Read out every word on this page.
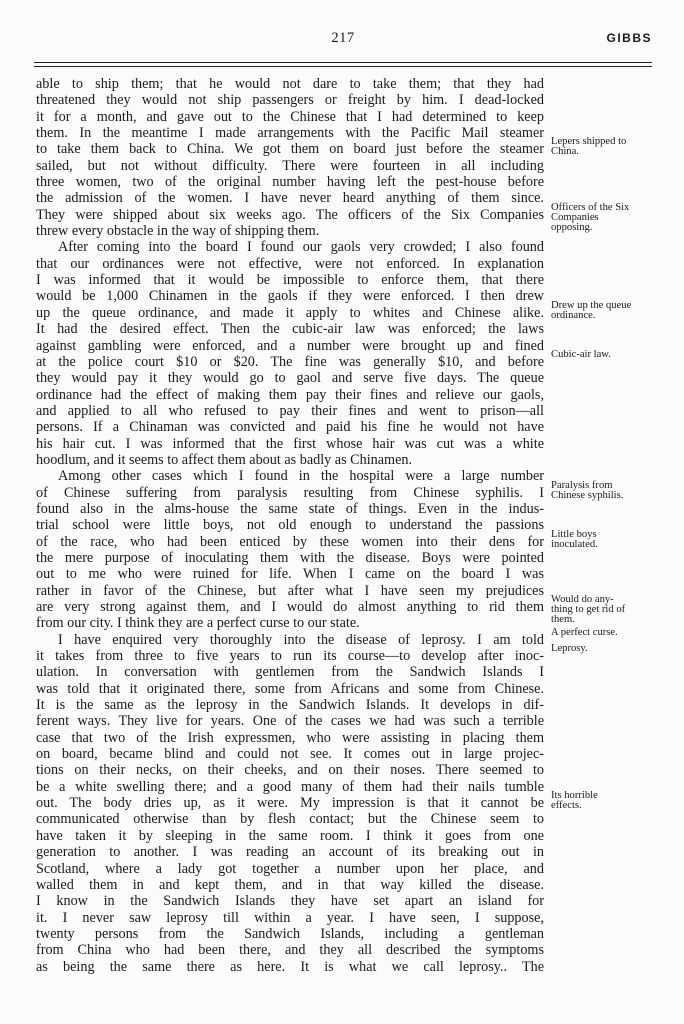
217	GIBBS
able to ship them; that he would not dare to take them; that they had
threatened they would not ship passengers or freight by him. I dead-locked
it for a month, and gave out to the Chinese that I had determined to keep
them. In the meantime I made arrangements with the Pacific Mail steamer
to take them back to China. We got them on board just before the steamer
sailed, but not without difficulty. There were fourteen in all including
three women, two of the original number having left the pest-house before
the admission of the women. I have never heard anything of them since.
They were shipped about six weeks ago. The officers of the Six Companies
threw every obstacle in the way of shipping them.
After coming into the board I found our gaols very crowded; I also found
that our ordinances were not effective, were not enforced. In explanation
I was informed that it would be impossible to enforce them, that there
would be 1,000 Chinamen in the gaols if they were enforced. I then drew
up the queue ordinance, and made it apply to whites and Chinese alike.
It had the desired effect. Then the cubic-air law was enforced; the laws
against gambling were enforced, and a number were brought up and fined
at the police court $10 or $20. The fine was generally $10, and before
they would pay it they would go to gaol and serve five days. The queue
ordinance had the effect of making them pay their fines and relieve our gaols,
and applied to all who refused to pay their fines and went to prison—all
persons. If a Chinaman was convicted and paid his fine he would not have
his hair cut. I was informed that the first whose hair was cut was a white
hoodlum, and it seems to affect them about as badly as Chinamen.
Among other cases which I found in the hospital were a large number
of Chinese suffering from paralysis resulting from Chinese syphilis. I
found also in the alms-house the same state of things. Even in the indus-
trial school were little boys, not old enough to understand the passions
of the race, who had been enticed by these women into their dens for
the mere purpose of inoculating them with the disease. Boys were pointed
out to me who were ruined for life. When I came on the board I was
rather in favor of the Chinese, but after what I have seen my prejudices
are very strong against them, and I would do almost anything to rid them
from our city. I think they are a perfect curse to our state.
I have enquired very thoroughly into the disease of leprosy. I am told
it takes from three to five years to run its course—to develop after inoc-
ulation. In conversation with gentlemen from the Sandwich Islands I
was told that it originated there, some from Africans and some from Chinese.
It is the same as the leprosy in the Sandwich Islands. It develops in dif-
ferent ways. They live for years. One of the cases we had was such a terrible
case that two of the Irish expressmen, who were assisting in placing them
on board, became blind and could not see. It comes out in large projec-
tions on their necks, on their cheeks, and on their noses. There seemed to
be a white swelling there; and a good many of them had their nails tumble
out. The body dries up, as it were. My impression is that it cannot be
communicated otherwise than by flesh contact; but the Chinese seem to
have taken it by sleeping in the same room. I think it goes from one
generation to another. I was reading an account of its breaking out in
Scotland, where a lady got together a number upon her place, and
walled them in and kept them, and in that way killed the disease.
I know in the Sandwich Islands they have set apart an island for
it. I never saw leprosy till within a year. I have seen, I suppose,
twenty persons from the Sandwich Islands, including a gentleman
from China who had been there, and they all described the symptoms
as being the same there as here. It is what we call leprosy.. The
Lepers shipped to
China.
Officers of the Six
Companies
opposing.
Drew up the queue
ordinance.
Cubic-air law.
Paralysis from
Chinese syphilis.
Little boys
inoculated.
Would do any-
thing to get rid of
them.
A perfect curse.
Leprosy.
Its horrible
effects.
